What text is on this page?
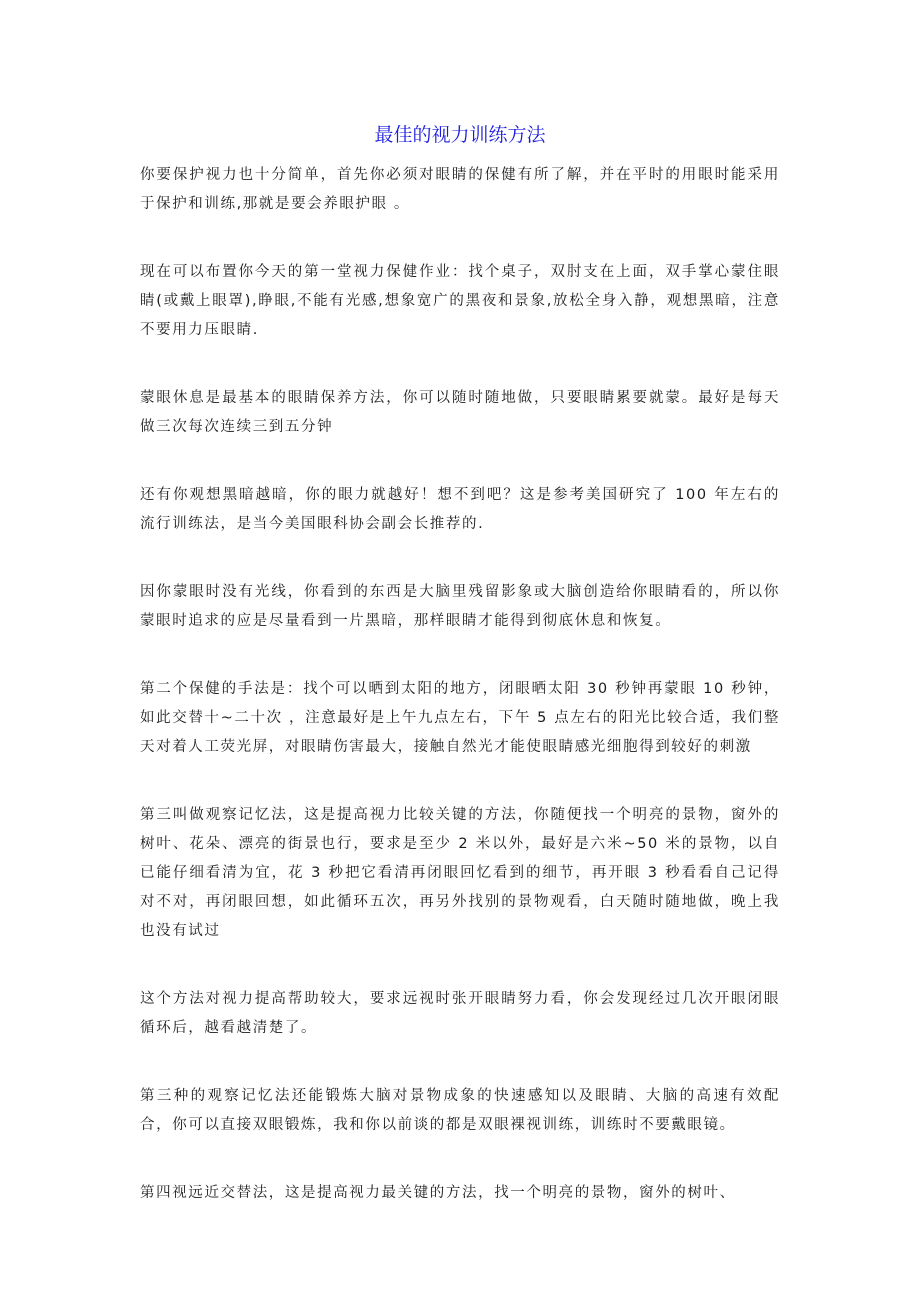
最佳的视力训练方法

你要保护视力也十分简单，首先你必须对眼睛的保健有所了解，并在平时的用眼时能采用于保护和训练,那就是要会养眼护眼 。

现在可以布置你今天的第一堂视力保健作业：找个桌子，双肘支在上面，双手掌心蒙住眼睛(或戴上眼罩),睁眼,不能有光感,想象宽广的黑夜和景象,放松全身入静，观想黑暗，注意不要用力压眼睛.

蒙眼休息是最基本的眼睛保养方法，你可以随时随地做，只要眼睛累要就蒙。最好是每天做三次每次连续三到五分钟

还有你观想黑暗越暗，你的眼力就越好！想不到吧？这是参考美国研究了 100 年左右的流行训练法，是当今美国眼科协会副会长推荐的.

因你蒙眼时没有光线，你看到的东西是大脑里残留影象或大脑创造给你眼睛看的，所以你蒙眼时追求的应是尽量看到一片黑暗，那样眼睛才能得到彻底休息和恢复。

第二个保健的手法是：找个可以晒到太阳的地方，闭眼晒太阳 30 秒钟再蒙眼 10 秒钟，如此交替十~二十次 ，注意最好是上午九点左右，下午 5 点左右的阳光比较合适，我们整天对着人工荧光屏，对眼睛伤害最大，接触自然光才能使眼睛感光细胞得到较好的刺激

第三叫做观察记忆法，这是提高视力比较关键的方法，你随便找一个明亮的景物，窗外的树叶、花朵、漂亮的街景也行，要求是至少 2 米以外，最好是六米~50 米的景物，以自已能仔细看清为宜，花 3 秒把它看清再闭眼回忆看到的细节，再开眼 3 秒看看自己记得对不对，再闭眼回想，如此循环五次，再另外找别的景物观看，白天随时随地做，晚上我也没有试过

这个方法对视力提高帮助较大，要求远视时张开眼睛努力看，你会发现经过几次开眼闭眼循环后，越看越清楚了。

第三种的观察记忆法还能锻炼大脑对景物成象的快速感知以及眼睛、大脑的高速有效配合，你可以直接双眼锻炼，我和你以前谈的都是双眼裸视训练，训练时不要戴眼镜。

第四视远近交替法，这是提高视力最关键的方法，找一个明亮的景物，窗外的树叶、
